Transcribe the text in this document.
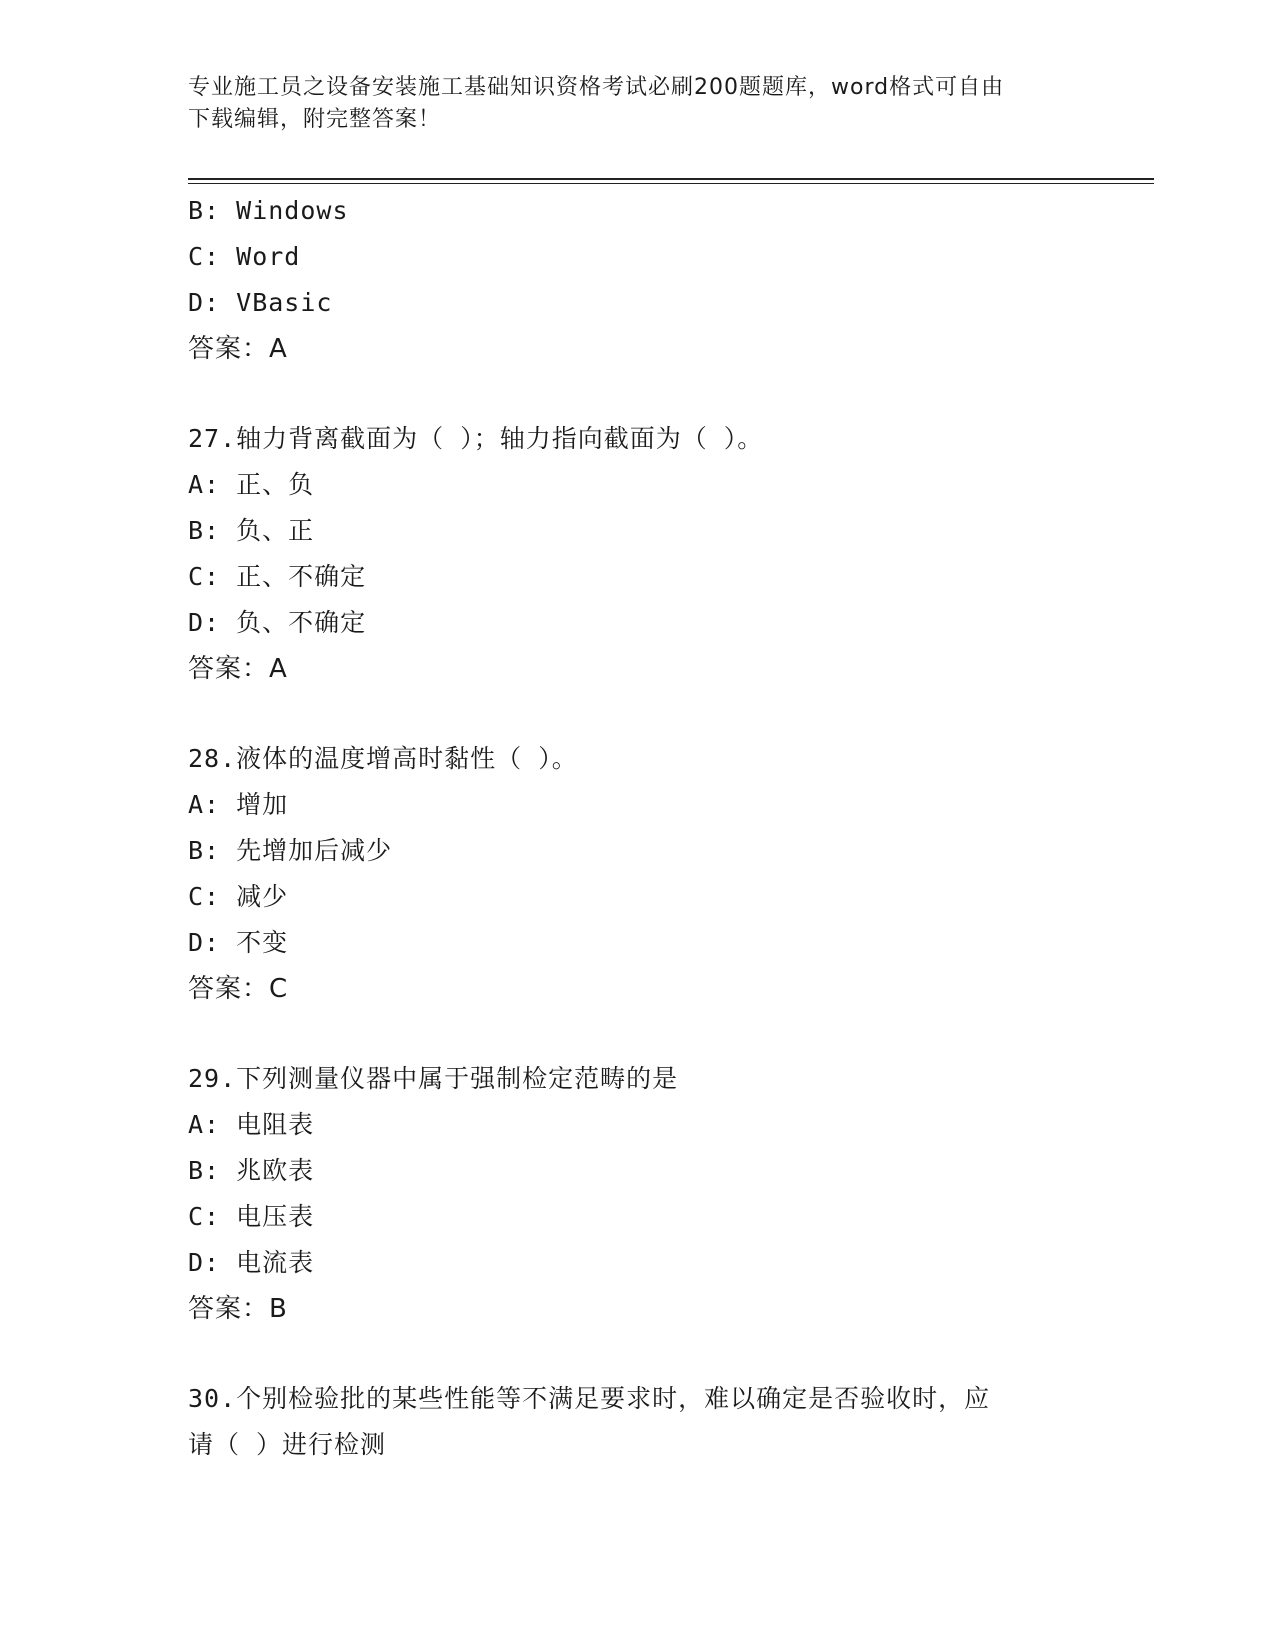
专业施工员之设备安装施工基础知识资格考试必刷200题题库，word格式可自由
下载编辑，附完整答案！
B: Windows
C: Word
D: VBasic
答案：A
27.轴力背离截面为（ ）；轴力指向截面为（ ）。
A: 正、负
B: 负、正
C: 正、不确定
D: 负、不确定
答案：A
28.液体的温度增高时黏性（ ）。
A: 增加
B: 先增加后减少
C: 减少
D: 不变
答案：C
29.下列测量仪器中属于强制检定范畴的是
A: 电阻表
B: 兆欧表
C: 电压表
D: 电流表
答案：B
30.个别检验批的某些性能等不满足要求时，难以确定是否验收时，应
请（ ）进行检测
